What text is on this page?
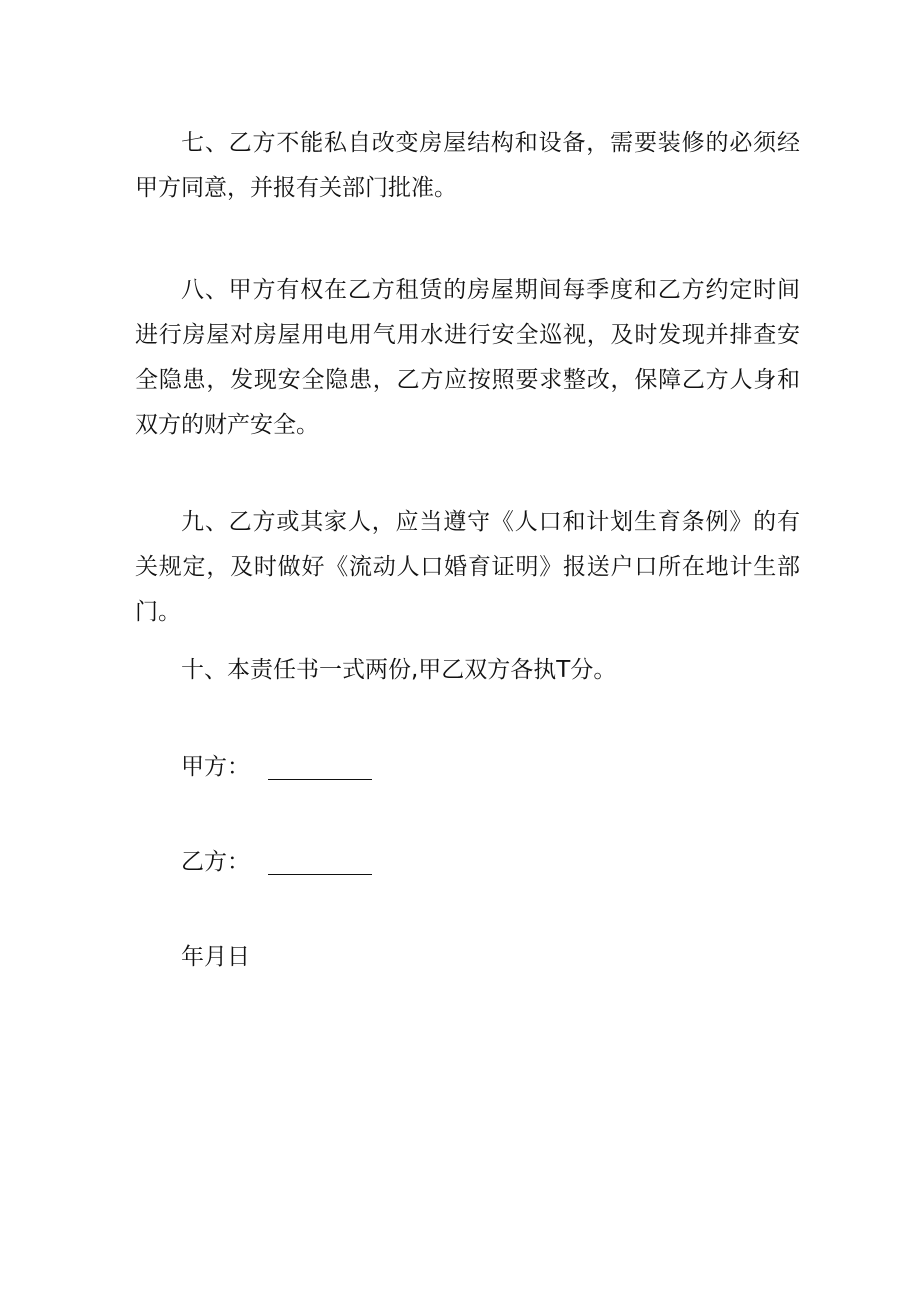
七、乙方不能私自改变房屋结构和设备，需要装修的必须经甲方同意，并报有关部门批准。

八、甲方有权在乙方租赁的房屋期间每季度和乙方约定时间进行房屋对房屋用电用气用水进行安全巡视，及时发现并排查安全隐患，发现安全隐患，乙方应按照要求整改，保障乙方人身和双方的财产安全。

九、乙方或其家人，应当遵守《人口和计划生育条例》的有关规定，及时做好《流动人口婚育证明》报送户口所在地计生部门。

十、本责任书一式两份,甲乙双方各执Τ分。

甲方：
乙方：
年月日
